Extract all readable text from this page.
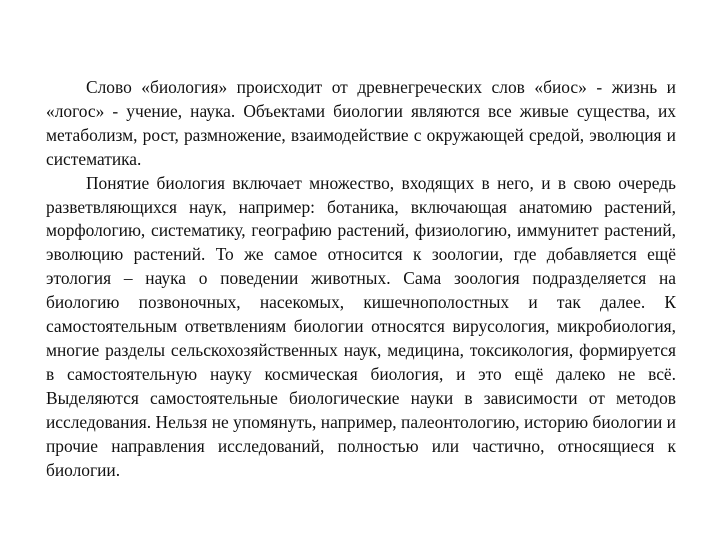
Слово «биология» происходит от древнегреческих слов «биос» - жизнь и «логос» - учение, наука. Объектами биологии являются все живые существа, их метаболизм, рост, размножение, взаимодействие с окружающей средой, эволюция и систематика.

Понятие биология включает множество, входящих в него, и в свою очередь разветвляющихся наук, например: ботаника, включающая анатомию растений, морфологию, систематику, географию растений, физиологию, иммунитет растений, эволюцию растений. То же самое относится к зоологии, где добавляется ещё этология – наука о поведении животных. Сама зоология подразделяется на биологию позвоночных, насекомых, кишечнополостных и так далее. К самостоятельным ответвлениям биологии относятся вирусология, микробиология, многие разделы сельскохозяйственных наук, медицина, токсикология, формируется в самостоятельную науку космическая биология, и это ещё далеко не всё. Выделяются самостоятельные биологические науки в зависимости от методов исследования. Нельзя не упомянуть, например, палеонтологию, историю биологии и прочие направления исследований, полностью или частично, относящиеся к биологии.
